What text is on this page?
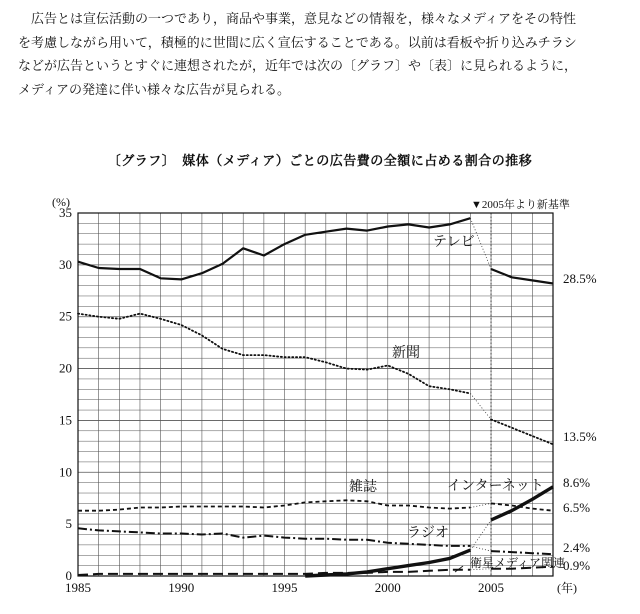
　広告とは宣伝活動の一つであり，商品や事業，意見などの情報を，様々なメディアをその特性

を考慮しながら用いて，積極的に世間に広く宣伝することである。以前は看板や折り込みチラシ

などが広告というとすぐに連想されたが，近年では次の〔グラフ〕や〔表〕に見られるように，

メディアの発達に伴い様々な広告が見られる。

〔グラフ〕　媒体（メディア）ごとの広告費の全額に占める割合の推移
0
5
10
15
20
25
30
35
1985	1990	1995	2000	2005
(%)
(年)
▼2005年より新基準
テレビ
28.5%
新聞
13.5%
雑誌
6.5%
ラジオ
2.4%
インターネット 8.6%
衛星メディア関連
0.9%
